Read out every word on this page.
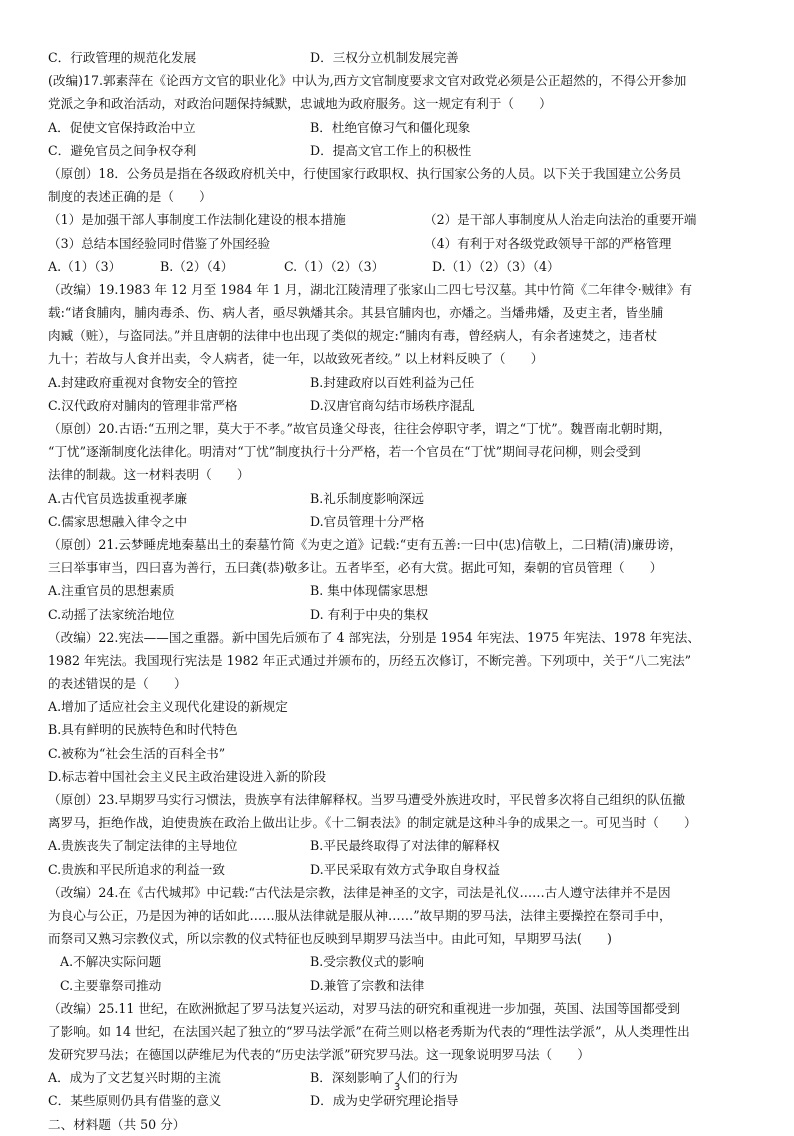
C．行政管理的规范化发展	D．三权分立机制发展完善
(改编)17.郭素萍在《论西方文官的职业化》中认为,西方文官制度要求文官对政党必须是公正超然的，不得公开参加
党派之争和政治活动，对政治问题保持缄默，忠诚地为政府服务。这一规定有利于（　　）
A．促使文官保持政治中立	B．杜绝官僚习气和僵化现象
C．避免官员之间争权夺利	D．提高文官工作上的积极性
（原创）18．公务员是指在各级政府机关中，行使国家行政职权、执行国家公务的人员。以下关于我国建立公务员
制度的表述正确的是（　　）
（1）是加强干部人事制度工作法制化建设的根本措施	（2）是干部人事制度从人治走向法治的重要开端
（3）总结本国经验同时借鉴了外国经验	（4）有利于对各级党政领导干部的严格管理
A.（1）（3）	B.（2）（4）	C.（1）（2）（3）	D.（1）（2）（3）（4）
（改编）19.1983 年 12 月至 1984 年 1 月，湖北江陵清理了张家山二四七号汉墓。其中竹简《二年律令·贼律》有
载:“诸食脯肉，脯肉毒杀、伤、病人者，亟尽孰燔其余。其县官脯肉也，亦燔之。当燔弗燔，及吏主者，皆坐脯
肉臧（赃），与盗同法。”并且唐朝的法律中也出现了类似的规定:“脯肉有毒，曾经病人，有余者速焚之，违者杖
九十；若故与人食并出卖，令人病者，徒一年，以故致死者绞。” 以上材料反映了（　　）
A.封建政府重视对食物安全的管控	B.封建政府以百姓利益为己任
C.汉代政府对脯肉的管理非常严格	D.汉唐官商勾结市场秩序混乱
（原创）20.古语:“五刑之罪，莫大于不孝。”故官员逢父母丧，往往会停职守孝，谓之“丁忧”。魏晋南北朝时期，
“丁忧”逐渐制度化法律化。明清对“丁忧”制度执行十分严格，若一个官员在“丁忧”期间寻花问柳，则会受到
法律的制裁。这一材料表明（　　）
A.古代官员选拔重视孝廉	B.礼乐制度影响深远
C.儒家思想融入律令之中	D.官员管理十分严格
（原创）21.云梦睡虎地秦墓出土的秦墓竹简《为吏之道》记载:“吏有五善:一曰中(忠)信敬上，二曰精(清)廉毋谤，
三曰举事审当，四曰喜为善行，五曰龚(恭)敬多让。五者毕至，必有大赏。据此可知，秦朝的官员管理（　　）
A.注重官员的思想素质	B. 集中体现儒家思想
C.动摇了法家统治地位	D. 有利于中央的集权
（改编）22.宪法——国之重器。新中国先后颁布了 4 部宪法，分别是 1954 年宪法、1975 年宪法、1978 年宪法、
1982 年宪法。我国现行宪法是 1982 年正式通过并颁布的，历经五次修订，不断完善。下列项中，关于“八二宪法”
的表述错误的是（　　）
A.增加了适应社会主义现代化建设的新规定
B.具有鲜明的民族特色和时代特色
C.被称为“社会生活的百科全书”
D.标志着中国社会主义民主政治建设进入新的阶段
（原创）23.早期罗马实行习惯法，贵族享有法律解释权。当罗马遭受外族进攻时，平民曾多次将自己组织的队伍撤
离罗马，拒绝作战，迫使贵族在政治上做出让步。《十二铜表法》的制定就是这种斗争的成果之一。可见当时（　　）
A.贵族丧失了制定法律的主导地位	B.平民最终取得了对法律的解释权
C.贵族和平民所追求的利益一致	D.平民采取有效方式争取自身权益
（改编）24.在《古代城邦》中记载:“古代法是宗教，法律是神圣的文字，司法是礼仪……古人遵守法律并不是因
为良心与公正，乃是因为神的话如此……服从法律就是服从神……”故早期的罗马法，法律主要操控在祭司手中，
而祭司又熟习宗教仪式，所以宗教的仪式特征也反映到早期罗马法当中。由此可知，早期罗马法(　　)
A.不解决实际问题	B.受宗教仪式的影响
C.主要靠祭司推动	D.兼管了宗教和法律
（改编）25.11 世纪，在欧洲掀起了罗马法复兴运动，对罗马法的研究和重视进一步加强，英国、法国等国都受到
了影响。如 14 世纪，在法国兴起了独立的“罗马法学派”在荷兰则以格老秀斯为代表的“理性法学派”，从人类理性出
发研究罗马法；在德国以萨维尼为代表的“历史法学派”研究罗马法。这一现象说明罗马法（　　）
A．成为了文艺复兴时期的主流	B．深刻影响了人们的行为
C．某些原则仍具有借鉴的意义	D．成为史学研究理论指导
二、材料题（共 50 分）
3
